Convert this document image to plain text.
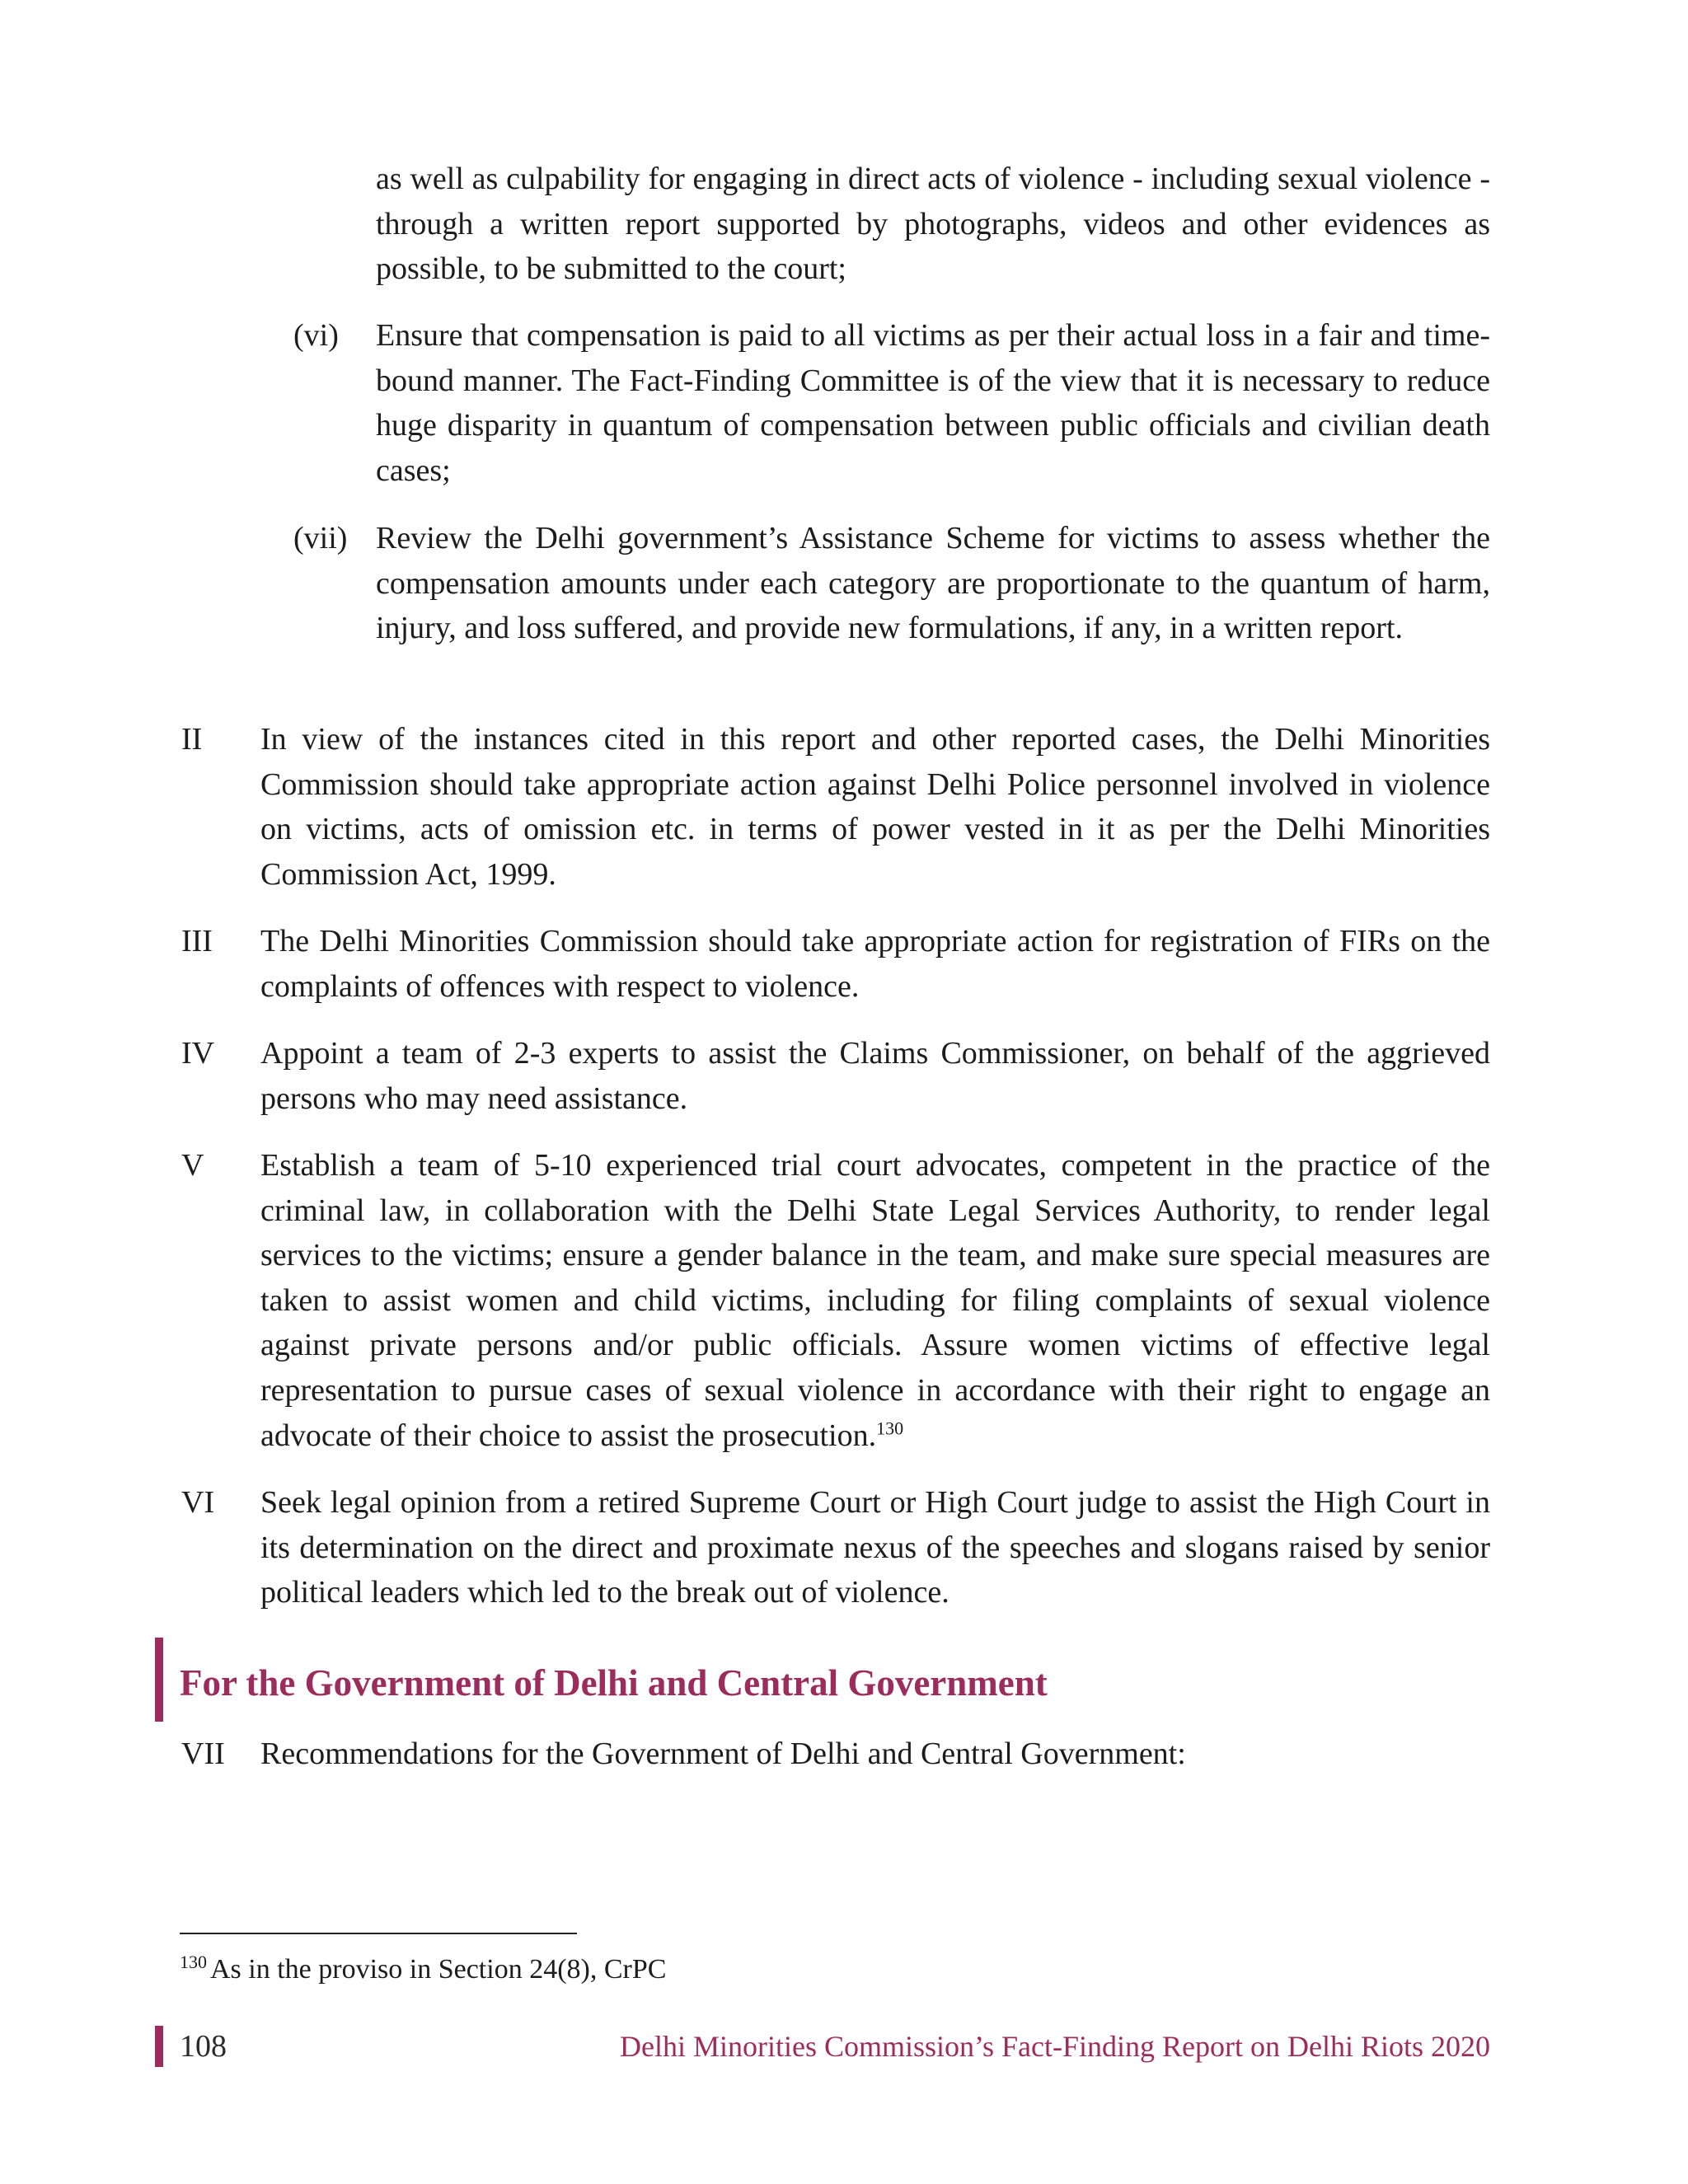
as well as culpability for engaging in direct acts of violence - including sexual violence - through a written report supported by photographs, videos and other evidences as possible, to be submitted to the court;
(vi)	Ensure that compensation is paid to all victims as per their actual loss in a fair and time-bound manner. The Fact-Finding Committee is of the view that it is necessary to reduce huge disparity in quantum of compensation between public officials and civilian death cases;
(vii) Review the Delhi government’s Assistance Scheme for victims to assess whether the compensation amounts under each category are proportionate to the quantum of harm, injury, and loss suffered, and provide new formulations, if any, in a written report.
II	In view of the instances cited in this report and other reported cases, the Delhi Minorities Commission should take appropriate action against Delhi Police personnel involved in violence on victims, acts of omission etc. in terms of power vested in it as per the Delhi Minorities Commission Act, 1999.
III	The Delhi Minorities Commission should take appropriate action for registration of FIRs on the complaints of offences with respect to violence.
IV	Appoint a team of 2-3 experts to assist the Claims Commissioner, on behalf of the aggrieved persons who may need assistance.
V	Establish a team of 5-10 experienced trial court advocates, competent in the practice of the criminal law, in collaboration with the Delhi State Legal Services Authority, to render legal services to the victims; ensure a gender balance in the team, and make sure special measures are taken to assist women and child victims, including for filing complaints of sexual violence against private persons and/or public officials. Assure women victims of effective legal representation to pursue cases of sexual violence in accordance with their right to engage an advocate of their choice to assist the prosecution.$^{130}$
VI	Seek legal opinion from a retired Supreme Court or High Court judge to assist the High Court in its determination on the direct and proximate nexus of the speeches and slogans raised by senior political leaders which led to the break out of violence.
For the Government of Delhi and Central Government
VII	Recommendations for the Government of Delhi and Central Government:
$^{130}$ As in the proviso in Section 24(8), CrPC
108	Delhi Minorities Commission’s Fact-Finding Report on Delhi Riots 2020
